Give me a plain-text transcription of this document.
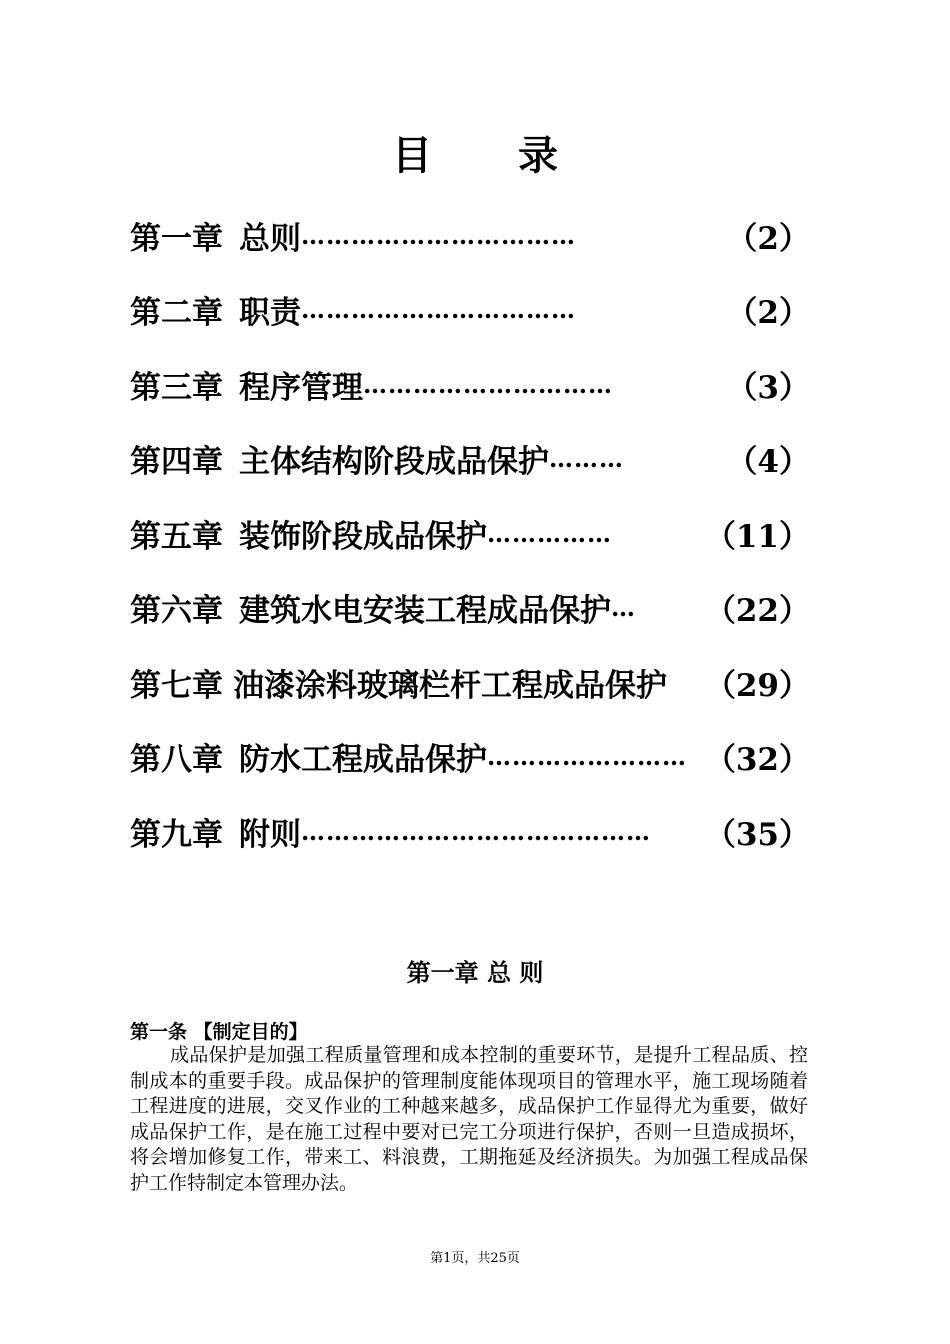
目 录
第一章 总则 ……………………………	（2）
第二章 职责 ……………………………	（2）
第三章 程序管理 …………………………	（3）
第四章 主体结构阶段成品保护 ………	（4）
第五章 装饰阶段成品保护 ……………	（11）
第六章 建筑水电安装工程成品保护 …	（22）
第七章 油漆涂料玻璃栏杆工程成品保护 （29）
第八章 防水工程成品保护 …………………… （32）
第九章 附则 ……………………………………	（35）
第一章 总 则
第一条 【制定目的】

成品保护是加强工程质量管理和成本控制的重要环节，是提升工程品质、控制成本的重要手段。成品保护的管理制度能体现项目的管理水平，施工现场随着工程进度的进展，交叉作业的工种越来越多，成品保护工作显得尤为重要，做好成品保护工作，是在施工过程中要对已完工分项进行保护，否则一旦造成损坏，将会增加修复工作，带来工、料浪费，工期拖延及经济损失。为加强工程成品保护工作特制定本管理办法。

第1页，共25页
